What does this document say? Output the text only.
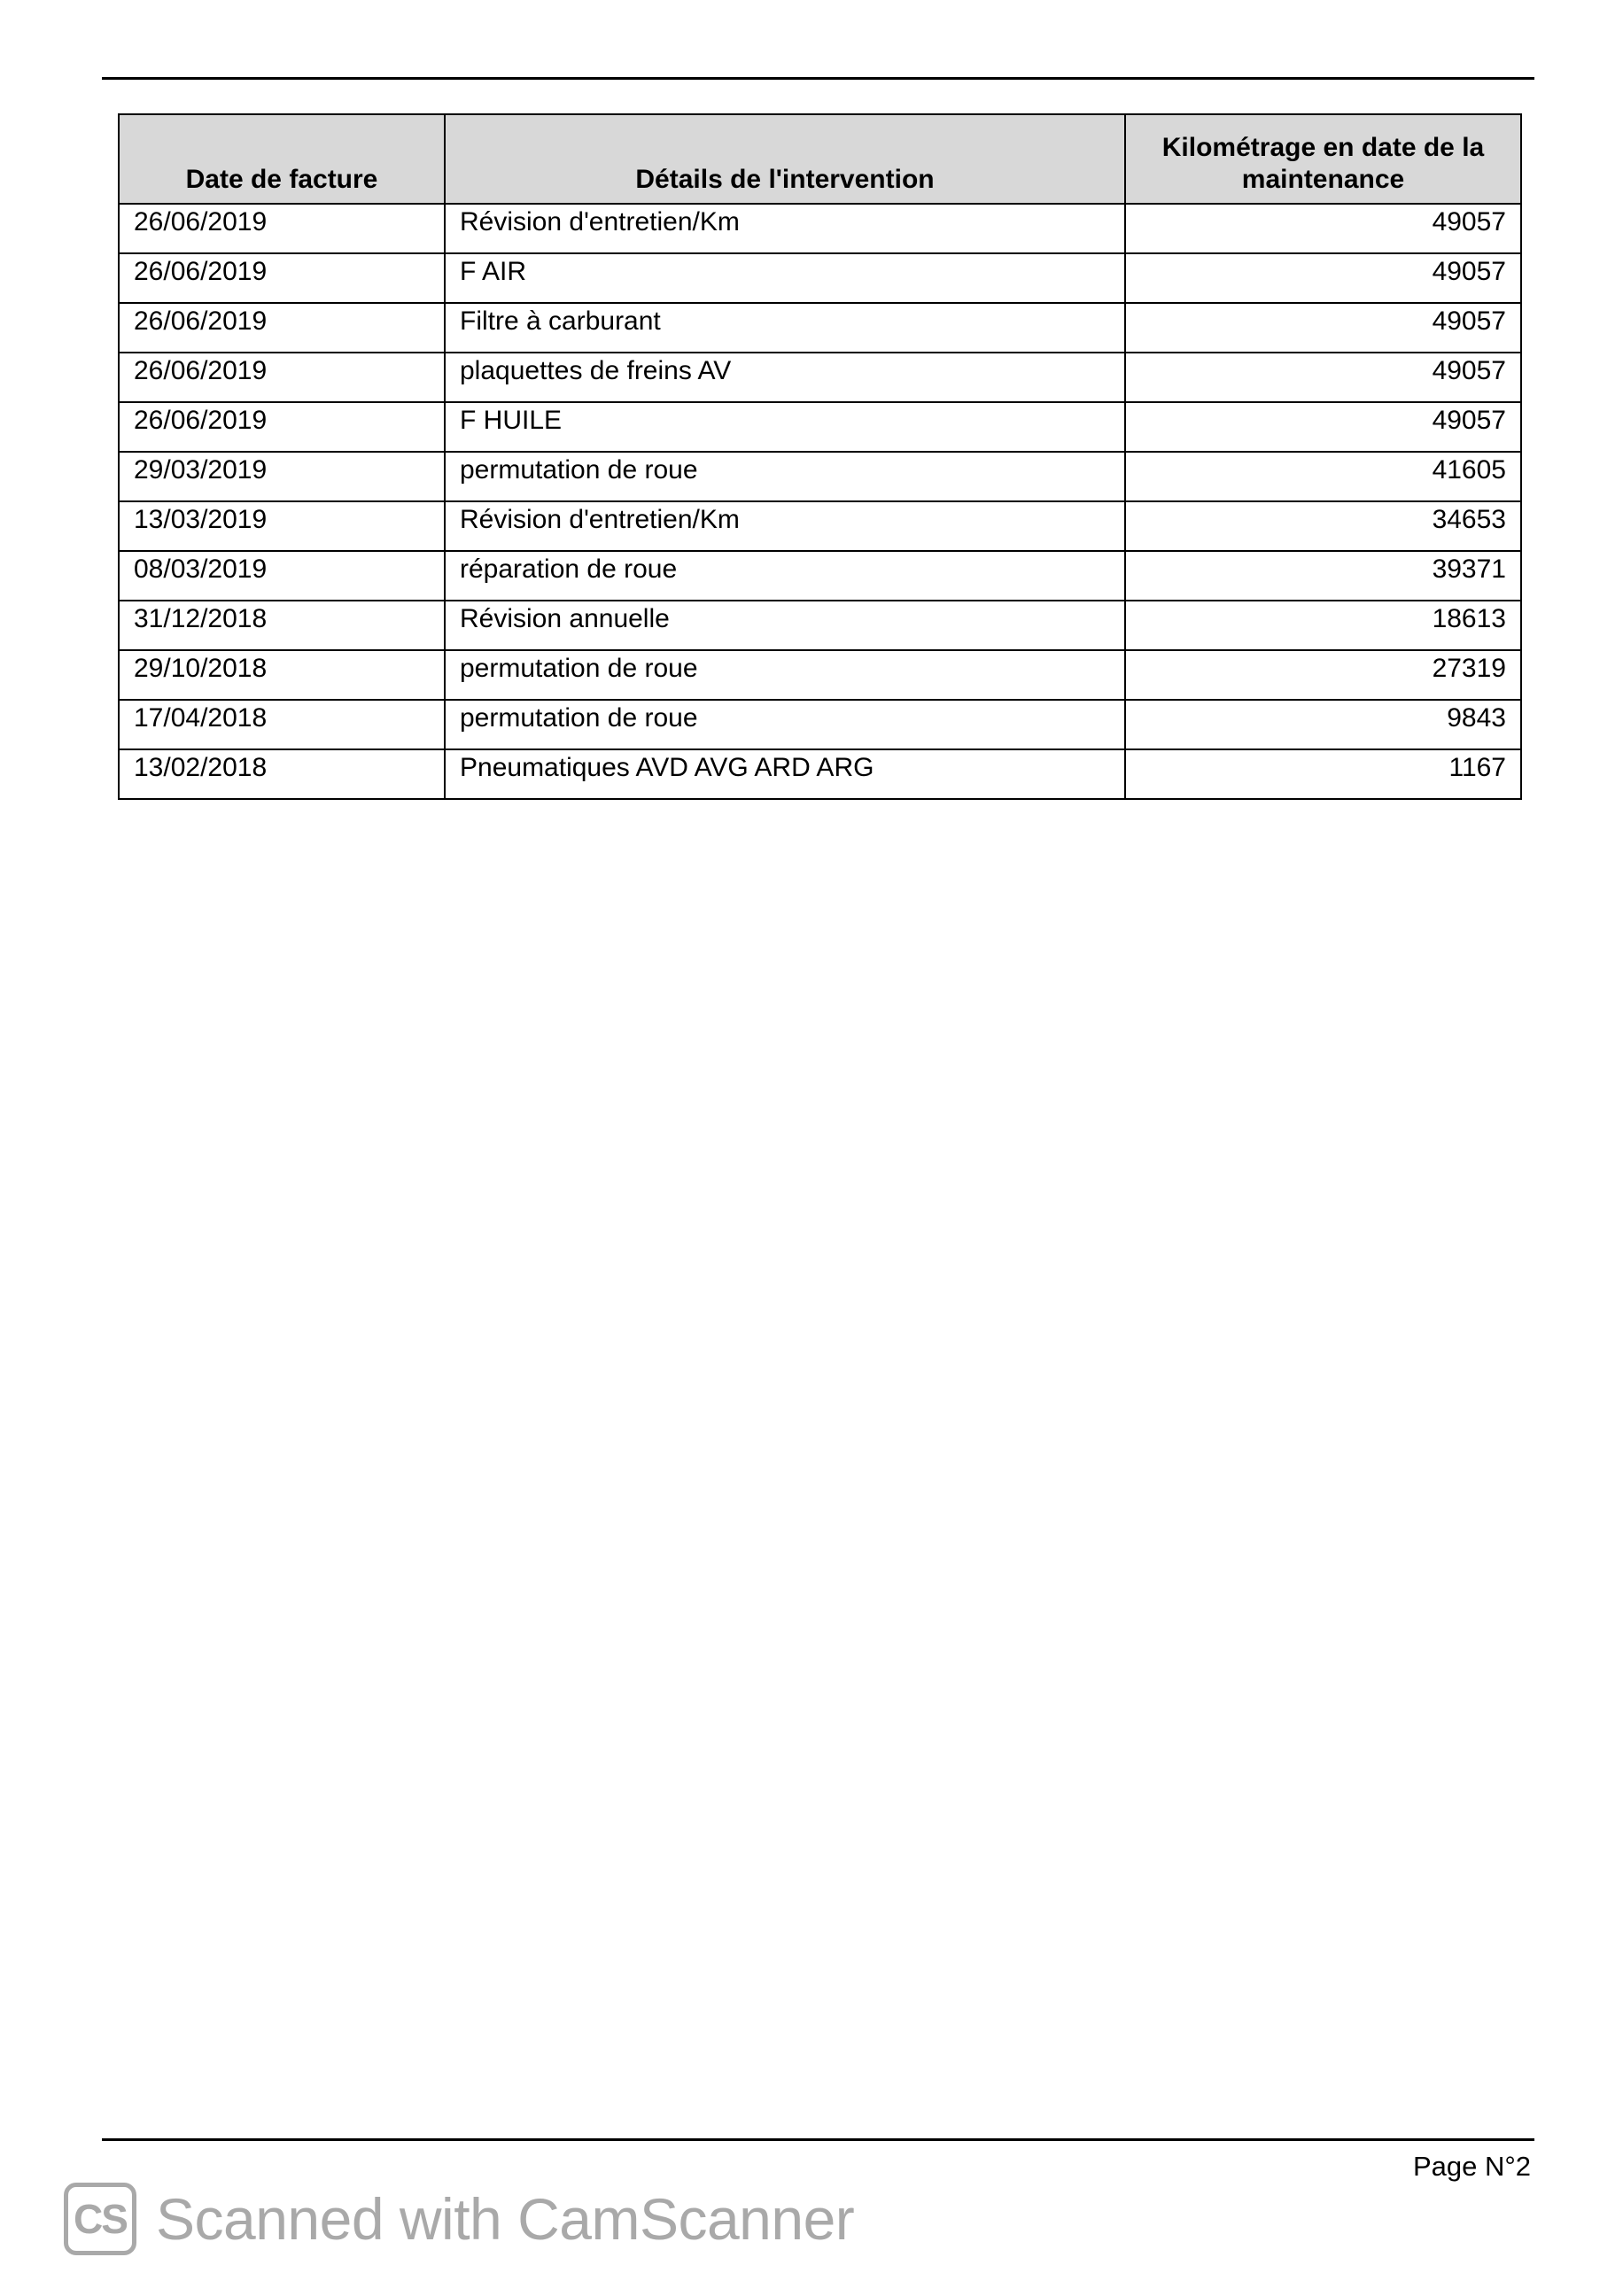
Date de facture	Détails de l'intervention	Kilométrage en date de la maintenance
26/06/2019	Révision d'entretien/Km	49057
26/06/2019	F AIR	49057
26/06/2019	Filtre à carburant	49057
26/06/2019	plaquettes de freins AV	49057
26/06/2019	F HUILE	49057
29/03/2019	permutation de roue	41605
13/03/2019	Révision d'entretien/Km	34653
08/03/2019	réparation de roue	39371
31/12/2018	Révision annuelle	18613
29/10/2018	permutation de roue	27319
17/04/2018	permutation de roue	9843
13/02/2018	Pneumatiques AVD AVG ARD ARG	1167
Page N°2
CS Scanned with CamScanner
